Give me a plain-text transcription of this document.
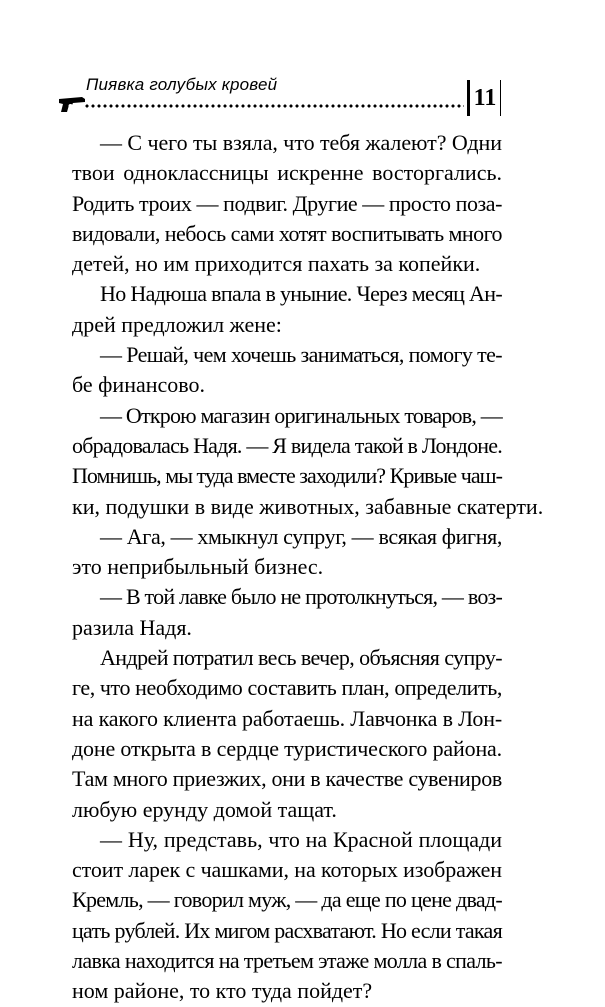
Пиявка голубых кровей
11
— С чего ты взяла, что тебя жалеют? Одни
твои одноклассницы искренне восторгались.
Родить троих — подвиг. Другие — просто поза-
видовали, небось сами хотят воспитывать много
детей, но им приходится пахать за копейки.
Но Надюша впала в уныние. Через месяц Ан-
дрей предложил жене:
— Решай, чем хочешь заниматься, помогу те-
бе финансово.
— Открою магазин оригинальных товаров, —
обрадовалась Надя. — Я видела такой в Лондоне.
Помнишь, мы туда вместе заходили? Кривые чаш-
ки, подушки в виде животных, забавные скатерти.
— Ага, — хмыкнул супруг, — всякая фигня,
это неприбыльный бизнес.
— В той лавке было не протолкнуться, — воз-
разила Надя.
Андрей потратил весь вечер, объясняя супру-
ге, что необходимо составить план, определить,
на какого клиента работаешь. Лавчонка в Лон-
доне открыта в сердце туристического района.
Там много приезжих, они в качестве сувениров
любую ерунду домой тащат.
— Ну, представь, что на Красной площади
стоит ларек с чашками, на которых изображен
Кремль, — говорил муж, — да еще по цене двад-
цать рублей. Их мигом расхватают. Но если такая
лавка находится на третьем этаже молла в спаль-
ном районе, то кто туда пойдет?
